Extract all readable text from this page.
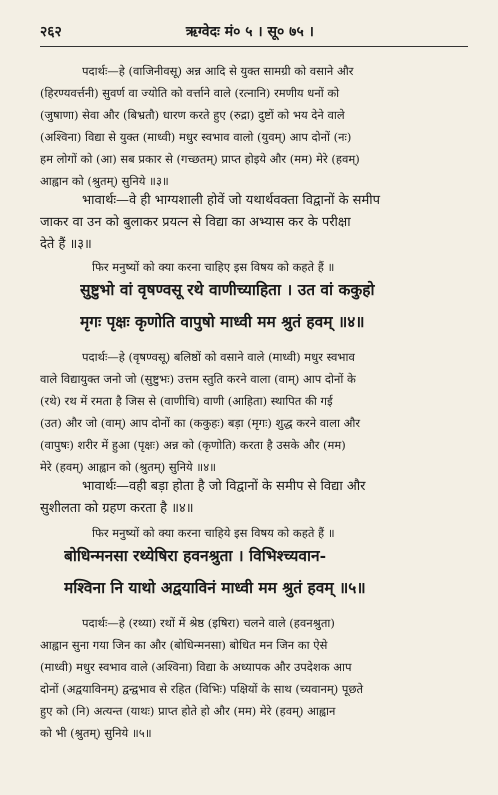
२६२	ऋग्वेदः मं० ५ । सू० ७५ ।
पदार्थः—हे (वाजिनीवसू) अन्न आदि से युक्त सामग्री को वसाने और
(हिरण्यवर्त्तनी) सुवर्ण वा ज्योति को वर्त्ताने वाले (रत्नानि) रमणीय धनों को
(जुषाणा) सेवा और (बिभ्रतौ) धारण करते हुए (रुद्रा) दुष्टों को भय देने वाले
(अश्विना) विद्या से युक्त (माध्वी) मधुर स्वभाव वालो (युवम्) आप दोनों (नः)
हम लोगों को (आ) सब प्रकार से (गच्छतम्) प्राप्त होइये और (मम) मेरे (हवम्)
आह्वान को (श्रुतम्) सुनिये ॥३॥
भावार्थः—वे ही भाग्यशाली होवें जो यथार्थवक्ता विद्वानों के समीप
जाकर वा उन को बुलाकर प्रयत्न से विद्या का अभ्यास कर के परीक्षा
देते हैं ॥३॥
फिर मनुष्यों को क्या करना चाहिए इस विषय को कहते हैं ॥
सुष्टुभो वां वृषण्वसू रथे वाणीच्याहिता । उत वां ककुहो
मृगः पृक्षः कृणोति वापुषो माध्वी मम श्रुतं हवम् ॥४॥
पदार्थः—हे (वृषण्वसू) बलिष्ठों को वसाने वाले (माध्वी) मधुर स्वभाव
वाले विद्यायुक्त जनो जो (सुष्टुभः) उत्तम स्तुति करने वाला (वाम्) आप दोनों के
(रथे) रथ में रमता है जिस से (वाणीचि) वाणी (आहिता) स्थापित की गई
(उत) और जो (वाम्) आप दोनों का (ककुहः) बड़ा (मृगः) शुद्ध करने वाला और
(वापुषः) शरीर में हुआ (पृक्षः) अन्न को (कृणोति) करता है उसके और (मम)
मेरे (हवम्) आह्वान को (श्रुतम्) सुनिये ॥४॥
भावार्थः—वही बड़ा होता है जो विद्वानों के समीप से विद्या और
सुशीलता को ग्रहण करता है ॥४॥
फिर मनुष्यों को क्या करना चाहिये इस विषय को कहते हैं ॥
बोधिन्मनसा रथ्येषिरा हवनश्रुता । विभिश्च्यवान-
मश्विना नि याथो अद्वयाविनं माध्वी मम श्रुतं हवम् ॥५॥
पदार्थः—हे (रथ्या) रथों में श्रेष्ठ (इषिरा) चलने वाले (हवनश्रुता)
आह्वान सुना गया जिन का और (बोधिन्मनसा) बोधित मन जिन का ऐसे
(माध्वी) मधुर स्वभाव वाले (अश्विना) विद्या के अध्यापक और उपदेशक आप
दोनों (अद्वयाविनम्) द्वन्द्वभाव से रहित (विभिः) पक्षियों के साथ (च्यवानम्) पूछते
हुए को (नि) अत्यन्त (याथः) प्राप्त होते हो और (मम) मेरे (हवम्) आह्वान
को भी (श्रुतम्) सुनिये ॥५॥
